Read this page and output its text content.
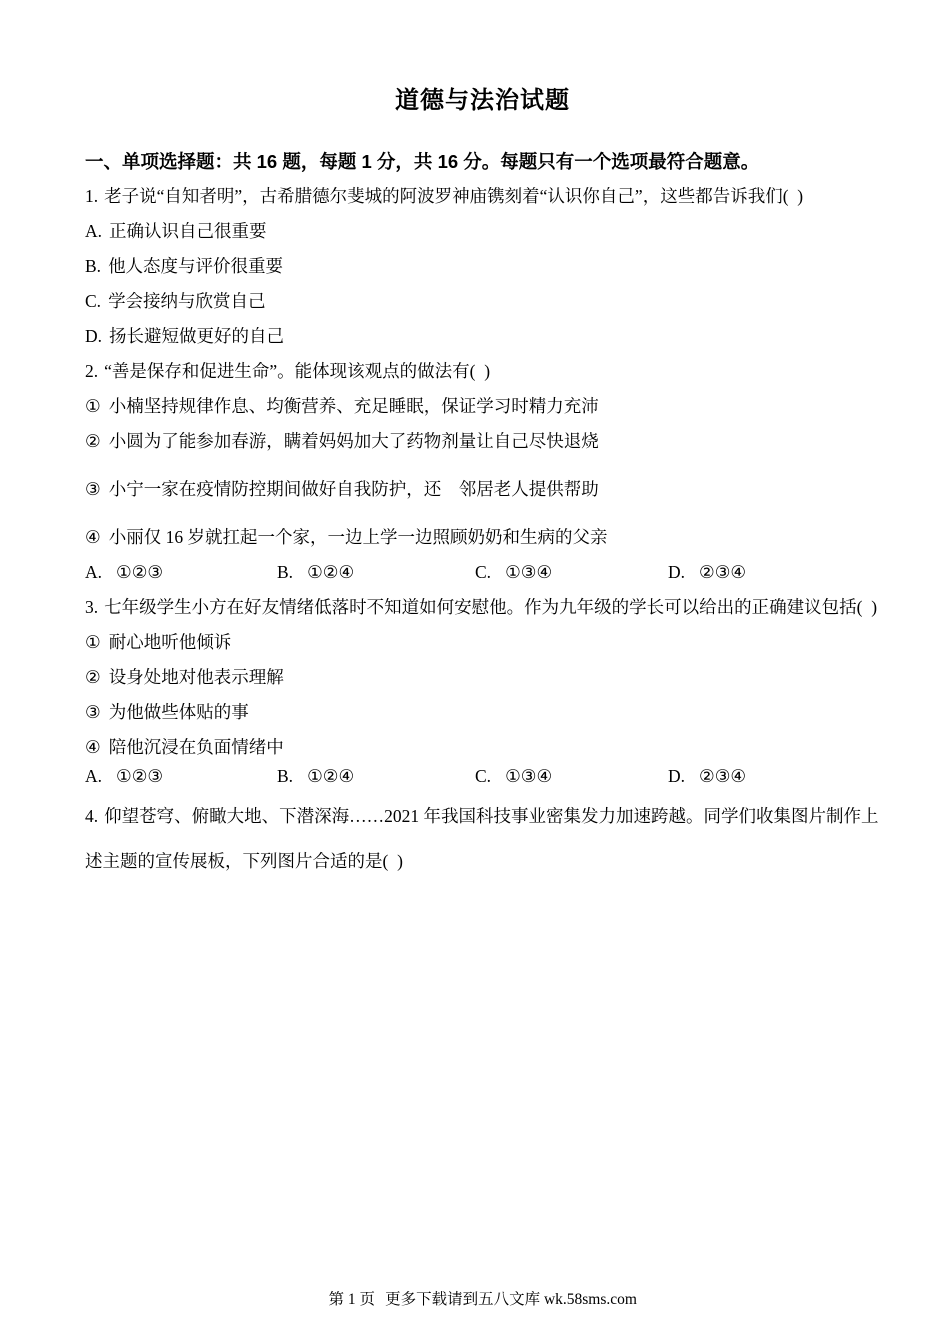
道德与法治试题
一、单项选择题：共 16 题，每题 1 分，共 16 分。每题只有一个选项最符合题意。
1. 老子说“自知者明”，古希腊德尔斐城的阿波罗神庙镌刻着“认识你自己”，这些都告诉我们(  )
A. 正确认识自己很重要
B. 他人态度与评价很重要
C. 学会接纳与欣赏自己
D. 扬长避短做更好的自己
2. “善是保存和促进生命”。能体现该观点的做法有(  )
① 小楠坚持规律作息、均衡营养、充足睡眠，保证学习时精力充沛
② 小圆为了能参加春游，瞒着妈妈加大了药物剂量让自己尽快退烧
③ 小宁一家在疫情防控期间做好自我防护，还　邻居老人提供帮助
④ 小丽仅 16 岁就扛起一个家，一边上学一边照顾奶奶和生病的父亲
A. ①②③	B. ①②④	C. ①③④	D. ②③④
3. 七年级学生小方在好友情绪低落时不知道如何安慰他。作为九年级的学长可以给出的正确建议包括(  )
① 耐心地听他倾诉
② 设身处地对他表示理解
③ 为他做些体贴的事
④ 陪他沉浸在负面情绪中
A. ①②③	B. ①②④	C. ①③④	D. ②③④
4. 仰望苍穹、俯瞰大地、下潜深海……2021 年我国科技事业密集发力加速跨越。同学们收集图片制作上述主题的宣传展板，下列图片合适的是(  )

第 1 页 更多下载请到五八文库 wk.58sms.com
